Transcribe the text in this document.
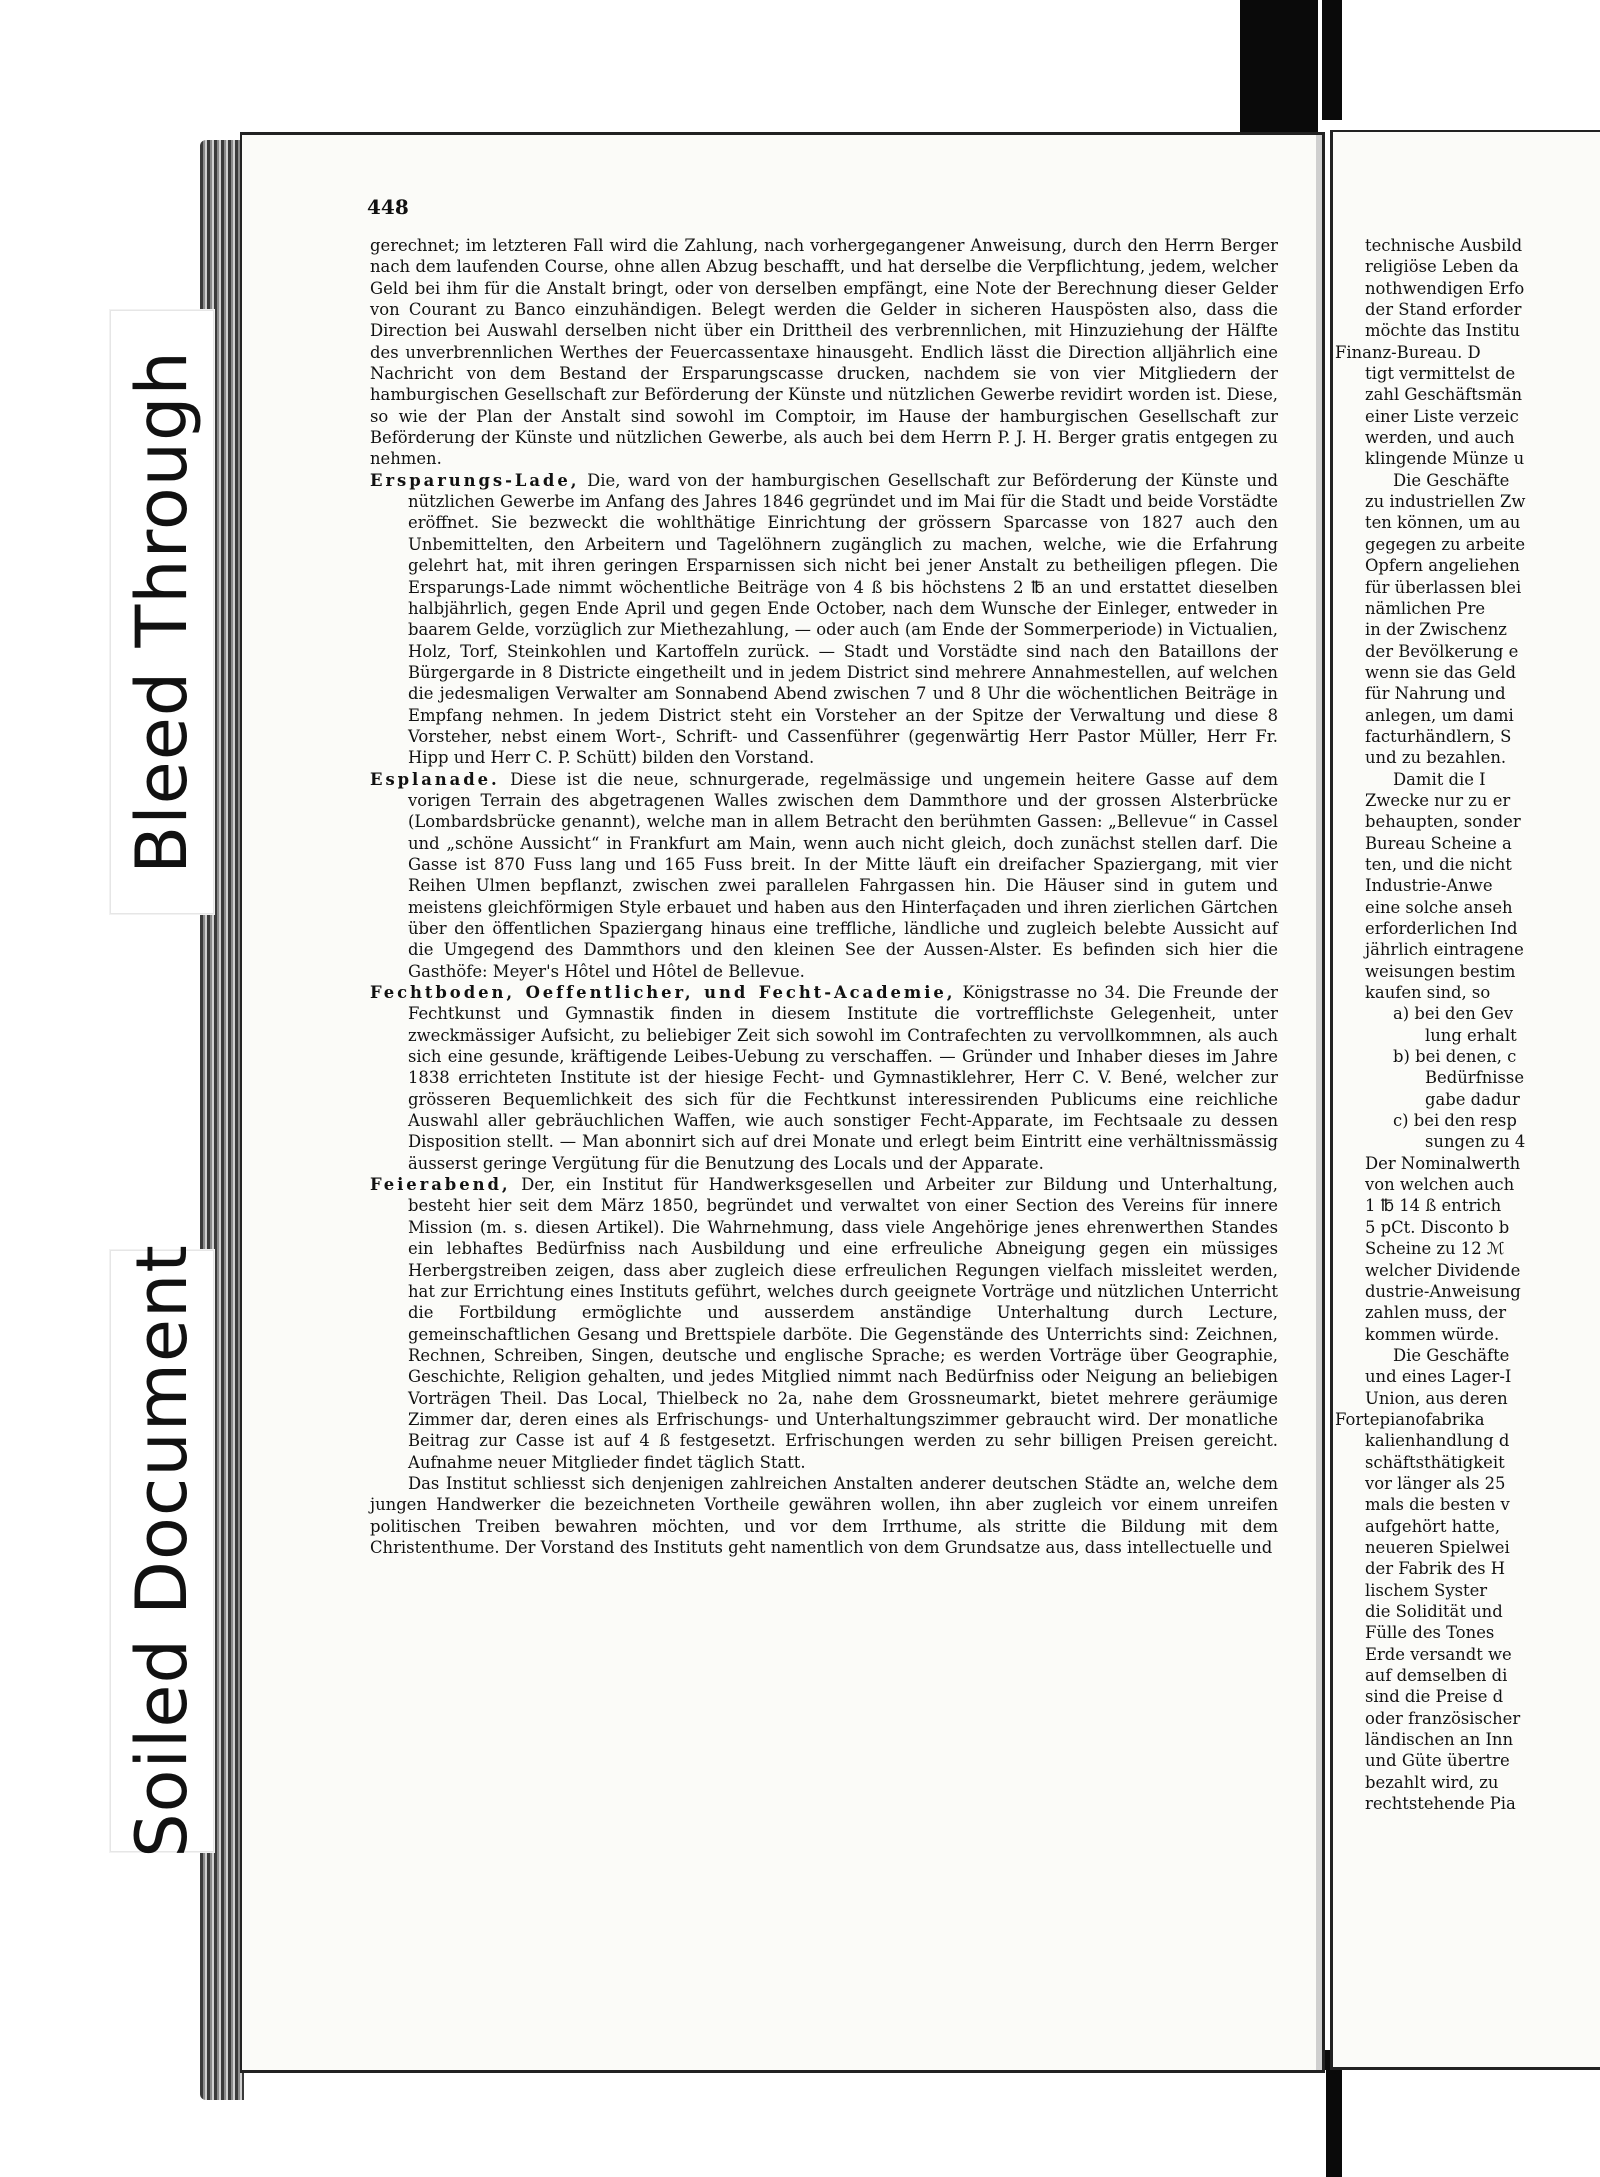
448

gerechnet; im letzteren Fall wird die Zahlung, nach vorhergegangener Anweisung, durch den Herrn Berger nach dem laufenden Course, ohne allen Abzug beschafft, und hat derselbe die Verpflichtung, jedem, welcher Geld bei ihm für die Anstalt bringt, oder von derselben empfängt, eine Note der Berechnung dieser Gelder von Courant zu Banco einzuhändigen. Belegt werden die Gelder in sicheren Hauspösten also, dass die Direction bei Auswahl derselben nicht über ein Drittheil des verbrennlichen, mit Hinzuziehung der Hälfte des unverbrennlichen Werthes der Feuercassentaxe hinausgeht. Endlich lässt die Direction alljährlich eine Nachricht von dem Bestand der Ersparungscasse drucken, nachdem sie von vier Mitgliedern der hamburgischen Gesellschaft zur Beförderung der Künste und nützlichen Gewerbe revidirt worden ist. Diese, so wie der Plan der Anstalt sind sowohl im Comptoir, im Hause der hamburgischen Gesellschaft zur Beförderung der Künste und nützlichen Gewerbe, als auch bei dem Herrn P. J. H. Berger gratis entgegen zu nehmen.

Ersparungs-Lade, Die, ward von der hamburgischen Gesellschaft zur Beförderung der Künste und nützlichen Gewerbe im Anfang des Jahres 1846 gegründet und im Mai für die Stadt und beide Vorstädte eröffnet. Sie bezweckt die wohlthätige Einrichtung der grössern Sparcasse von 1827 auch den Unbemittelten, den Arbeitern und Tagelöhnern zugänglich zu machen, welche, wie die Erfahrung gelehrt hat, mit ihren geringen Ersparnissen sich nicht bei jener Anstalt zu betheiligen pflegen. Die Ersparungs-Lade nimmt wöchentliche Beiträge von 4 ß bis höchstens 2 ℔ an und erstattet dieselben halbjährlich, gegen Ende April und gegen Ende October, nach dem Wunsche der Einleger, entweder in baarem Gelde, vorzüglich zur Miethezahlung, — oder auch (am Ende der Sommerperiode) in Victualien, Holz, Torf, Steinkohlen und Kartoffeln zurück. — Stadt und Vorstädte sind nach den Bataillons der Bürgergarde in 8 Districte eingetheilt und in jedem District sind mehrere Annahmestellen, auf welchen die jedesmaligen Verwalter am Sonnabend Abend zwischen 7 und 8 Uhr die wöchentlichen Beiträge in Empfang nehmen. In jedem District steht ein Vorsteher an der Spitze der Verwaltung und diese 8 Vorsteher, nebst einem Wort-, Schrift- und Cassenführer (gegenwärtig Herr Pastor Müller, Herr Fr. Hipp und Herr C. P. Schütt) bilden den Vorstand.

Esplanade. Diese ist die neue, schnurgerade, regelmässige und ungemein heitere Gasse auf dem vorigen Terrain des abgetragenen Walles zwischen dem Dammthore und der grossen Alsterbrücke (Lombardsbrücke genannt), welche man in allem Betracht den berühmten Gassen: „Bellevue“ in Cassel und „schöne Aussicht“ in Frankfurt am Main, wenn auch nicht gleich, doch zunächst stellen darf. Die Gasse ist 870 Fuss lang und 165 Fuss breit. In der Mitte läuft ein dreifacher Spaziergang, mit vier Reihen Ulmen bepflanzt, zwischen zwei parallelen Fahrgassen hin. Die Häuser sind in gutem und meistens gleichförmigen Style erbauet und haben aus den Hinterfaçaden und ihren zierlichen Gärtchen über den öffentlichen Spaziergang hinaus eine treffliche, ländliche und zugleich belebte Aussicht auf die Umgegend des Dammthors und den kleinen See der Aussen-Alster. Es befinden sich hier die Gasthöfe: Meyer's Hôtel und Hôtel de Bellevue.

Fechtboden, Oeffentlicher, und Fecht-Academie, Königstrasse no 34. Die Freunde der Fechtkunst und Gymnastik finden in diesem Institute die vortrefflichste Gelegenheit, unter zweckmässiger Aufsicht, zu beliebiger Zeit sich sowohl im Contrafechten zu vervollkommnen, als auch sich eine gesunde, kräftigende Leibes-Uebung zu verschaffen. — Gründer und Inhaber dieses im Jahre 1838 errichteten Institute ist der hiesige Fecht- und Gymnastiklehrer, Herr C. V. Bené, welcher zur grösseren Bequemlichkeit des sich für die Fechtkunst interessirenden Publicums eine reichliche Auswahl aller gebräuchlichen Waffen, wie auch sonstiger Fecht-Apparate, im Fechtsaale zu dessen Disposition stellt. — Man abonnirt sich auf drei Monate und erlegt beim Eintritt eine verhältnissmässig äusserst geringe Vergütung für die Benutzung des Locals und der Apparate.

Feierabend, Der, ein Institut für Handwerksgesellen und Arbeiter zur Bildung und Unterhaltung, besteht hier seit dem März 1850, begründet und verwaltet von einer Section des Vereins für innere Mission (m. s. diesen Artikel). Die Wahrnehmung, dass viele Angehörige jenes ehrenwerthen Standes ein lebhaftes Bedürfniss nach Ausbildung und eine erfreuliche Abneigung gegen ein müssiges Herbergstreiben zeigen, dass aber zugleich diese erfreulichen Regungen vielfach missleitet werden, hat zur Errichtung eines Instituts geführt, welches durch geeignete Vorträge und nützlichen Unterricht die Fortbildung ermöglichte und ausserdem anständige Unterhaltung durch Lecture, gemeinschaftlichen Gesang und Brettspiele darböte. Die Gegenstände des Unterrichts sind: Zeichnen, Rechnen, Schreiben, Singen, deutsche und englische Sprache; es werden Vorträge über Geographie, Geschichte, Religion gehalten, und jedes Mitglied nimmt nach Bedürfniss oder Neigung an beliebigen Vorträgen Theil. Das Local, Thielbeck no 2a, nahe dem Grossneumarkt, bietet mehrere geräumige Zimmer dar, deren eines als Erfrischungs- und Unterhaltungszimmer gebraucht wird. Der monatliche Beitrag zur Casse ist auf 4 ß festgesetzt. Erfrischungen werden zu sehr billigen Preisen gereicht. Aufnahme neuer Mitglieder findet täglich Statt.

Das Institut schliesst sich denjenigen zahlreichen Anstalten anderer deutschen Städte an, welche dem jungen Handwerker die bezeichneten Vortheile gewähren wollen, ihn aber zugleich vor einem unreifen politischen Treiben bewahren möchten, und vor dem Irrthume, als stritte die Bildung mit dem Christenthume. Der Vorstand des Instituts geht namentlich von dem Grundsatze aus, dass intellectuelle und

technische Ausbild
religiöse Leben da
nothwendigen Erfo
der Stand erforder
möchte das Institu
Finanz-Bureau. D
tigt vermittelst de
zahl Geschäftsmän
einer Liste verzeic
werden, und auch
klingende Münze u
Die Geschäfte
zu industriellen Zw
ten können, um au
gegegen zu arbeite
Opfern angeliehen
für überlassen blei
nämlichen Pre
in der Zwischenz
der Bevölkerung e
wenn sie das Geld
für Nahrung und
anlegen, um dami
facturhändlern, S
und zu bezahlen.
Damit die I
Zwecke nur zu er
behaupten, sonder
Bureau Scheine a
ten, und die nicht
Industrie-Anwe
eine solche anseh
erforderlichen Ind
jährlich eintragene
weisungen bestim
kaufen sind, so
a) bei den Gev
lung erhalt
b) bei denen, c
Bedürfnisse
gabe dadur
c) bei den resp
sungen zu 4
Der Nominalwerth
von welchen auch
1 ℔ 14 ß entrich
5 pCt. Disconto b
Scheine zu 12 ℳ
welcher Dividende
dustrie-Anweisung
zahlen muss, der
kommen würde.
Die Geschäfte
und eines Lager-I
Union, aus deren
Fortepianofabrika
kalienhandlung d
schäftsthätigkeit
vor länger als 25
mals die besten v
aufgehört hatte,
neueren Spielwei
der Fabrik des H
lischem Syster
die Solidität und
Fülle des Tones
Erde versandt we
auf demselben di
sind die Preise d
oder französischer
ländischen an Inn
und Güte übertre
bezahlt wird, zu
rechtstehende Pia
Bleed Through
Soiled Document
